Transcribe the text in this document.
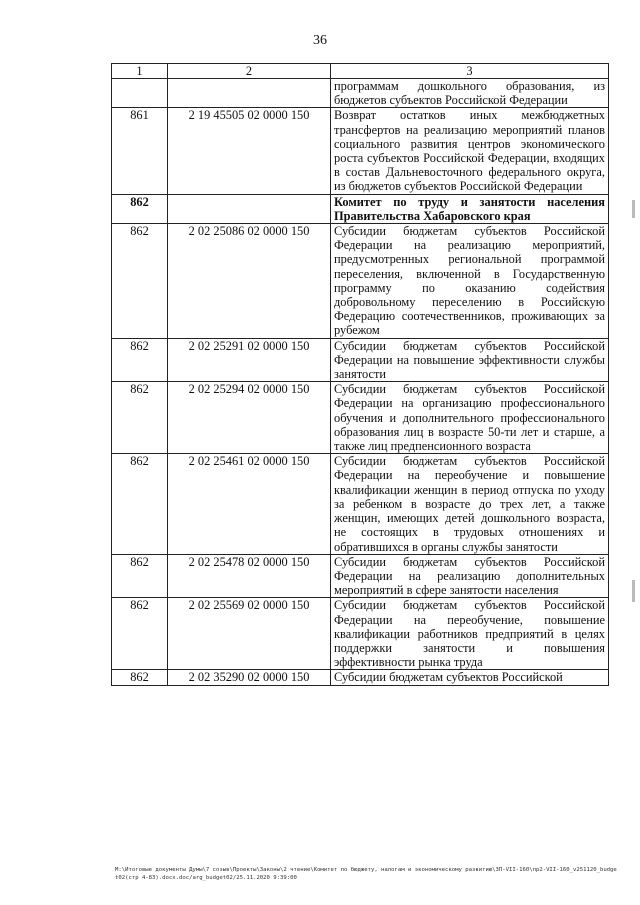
36
1	2	3
		программам дошкольного образования, из бюджетов субъектов Российской Федерации
861	2 19 45505 02 0000 150	Возврат остатков иных межбюджетных трансфертов на реализацию мероприятий планов социального развития центров экономического роста субъектов Российской Федерации, входящих в состав Дальневосточного федерального округа, из бюджетов субъектов Российской Федерации
862		Комитет по труду и занятости населения Правительства Хабаровского края
862	2 02 25086 02 0000 150	Субсидии бюджетам субъектов Российской Федерации на реализацию мероприятий, предусмотренных региональной программой переселения, включенной в Государственную программу по оказанию содействия добровольному переселению в Российскую Федерацию соотечественников, проживающих за рубежом
862	2 02 25291 02 0000 150	Субсидии бюджетам субъектов Российской Федерации на повышение эффективности службы занятости
862	2 02 25294 02 0000 150	Субсидии бюджетам субъектов Российской Федерации на организацию профессионального обучения и дополнительного профессионального образования лиц в возрасте 50-ти лет и старше, а также лиц предпенсионного возраста
862	2 02 25461 02 0000 150	Субсидии бюджетам субъектов Российской Федерации на переобучение и повышение квалификации женщин в период отпуска по уходу за ребенком в возрасте до трех лет, а также женщин, имеющих детей дошкольного возраста, не состоящих в трудовых отношениях и обратившихся в органы службы занятости
862	2 02 25478 02 0000 150	Субсидии бюджетам субъектов Российской Федерации на реализацию дополнительных мероприятий в сфере занятости населения
862	2 02 25569 02 0000 150	Субсидии бюджетам субъектов Российской Федерации на переобучение, повышение квалификации работников предприятий в целях поддержки занятости и повышения эффективности рынка труда
862	2 02 35290 02 0000 150	Субсидии бюджетам субъектов Российской
M:\Итоговые документы Думы\7 созыв\Проекты\Законы\2 чтение\Комитет по бюджету, налогам и экономическому развитию\ЗП-VII-160\пр2-VII-160_v251120_budget02(стр 4-83).docx.doc/arg_budget02/25.11.2020 9:39:00
